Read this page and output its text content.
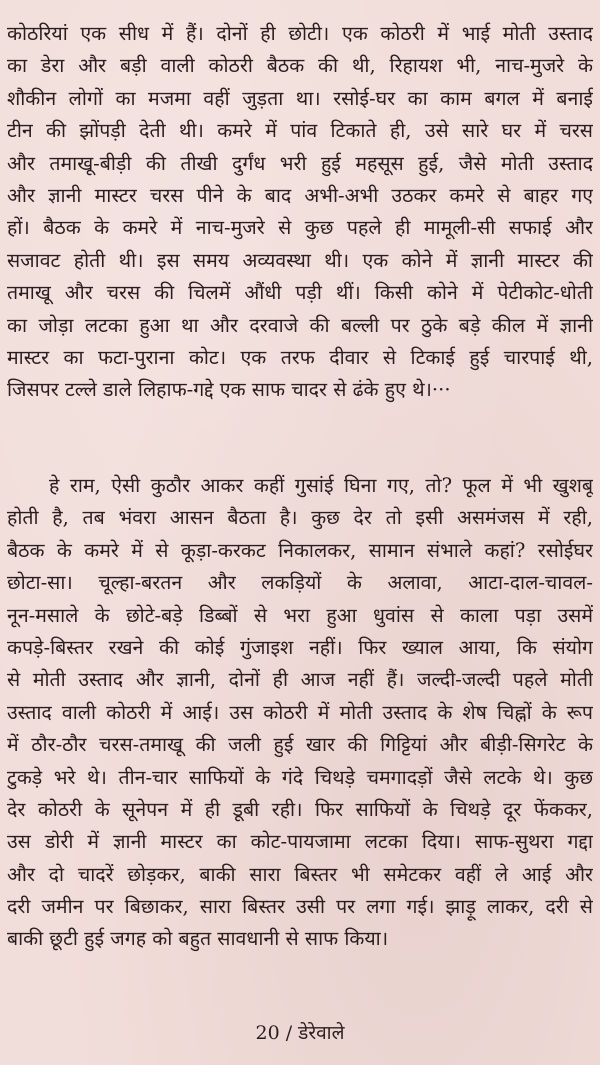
कोठरियां एक सीध में हैं। दोनों ही छोटी। एक कोठरी में भाई मोती उस्ताद
का डेरा और बड़ी वाली कोठरी बैठक की थी, रिहायश भी, नाच-मुजरे के
शौकीन लोगों का मजमा वहीं जुड़ता था। रसोई-घर का काम बगल में बनाई
टीन की झोंपड़ी देती थी। कमरे में पांव टिकाते ही, उसे सारे घर में चरस
और तमाखू-बीड़ी की तीखी दुर्गंध भरी हुई महसूस हुई, जैसे मोती उस्ताद
और ज्ञानी मास्टर चरस पीने के बाद अभी-अभी उठकर कमरे से बाहर गए
हों। बैठक के कमरे में नाच-मुजरे से कुछ पहले ही मामूली-सी सफाई और
सजावट होती थी। इस समय अव्यवस्था थी। एक कोने में ज्ञानी मास्टर की
तमाखू और चरस की चिलमें औंधी पड़ी थीं। किसी कोने में पेटीकोट-धोती
का जोड़ा लटका हुआ था और दरवाजे की बल्ली पर ठुके बड़े कील में ज्ञानी
मास्टर का फटा-पुराना कोट। एक तरफ दीवार से टिकाई हुई चारपाई थी,
जिसपर टल्ले डाले लिहाफ-गद्दे एक साफ चादर से ढंके हुए थे।···
हे राम, ऐसी कुठौर आकर कहीं गुसांई घिना गए, तो? फूल में भी खुशबू
होती है, तब भंवरा आसन बैठता है। कुछ देर तो इसी असमंजस में रही,
बैठक के कमरे में से कूड़ा-करकट निकालकर, सामान संभाले कहां? रसोईघर
छोटा-सा। चूल्हा-बरतन और लकड़ियों के अलावा, आटा-दाल-चावल-
नून-मसाले के छोटे-बड़े डिब्बों से भरा हुआ धुवांस से काला पड़ा उसमें
कपड़े-बिस्तर रखने की कोई गुंजाइश नहीं। फिर ख्याल आया, कि संयोग
से मोती उस्ताद और ज्ञानी, दोनों ही आज नहीं हैं। जल्दी-जल्दी पहले मोती
उस्ताद वाली कोठरी में आई। उस कोठरी में मोती उस्ताद के शेष चिह्नों के रूप
में ठौर-ठौर चरस-तमाखू की जली हुई खार की गिट्टियां और बीड़ी-सिगरेट के
टुकड़े भरे थे। तीन-चार साफियों के गंदे चिथड़े चमगादड़ों जैसे लटके थे। कुछ
देर कोठरी के सूनेपन में ही डूबी रही। फिर साफियों के चिथड़े दूर फेंककर,
उस डोरी में ज्ञानी मास्टर का कोट-पायजामा लटका दिया। साफ-सुथरा गद्दा
और दो चादरें छोड़कर, बाकी सारा बिस्तर भी समेटकर वहीं ले आई और
दरी जमीन पर बिछाकर, सारा बिस्तर उसी पर लगा गई। झाड़ू लाकर, दरी से
बाकी छूटी हुई जगह को बहुत सावधानी से साफ किया।
20 / डेरेवाले
